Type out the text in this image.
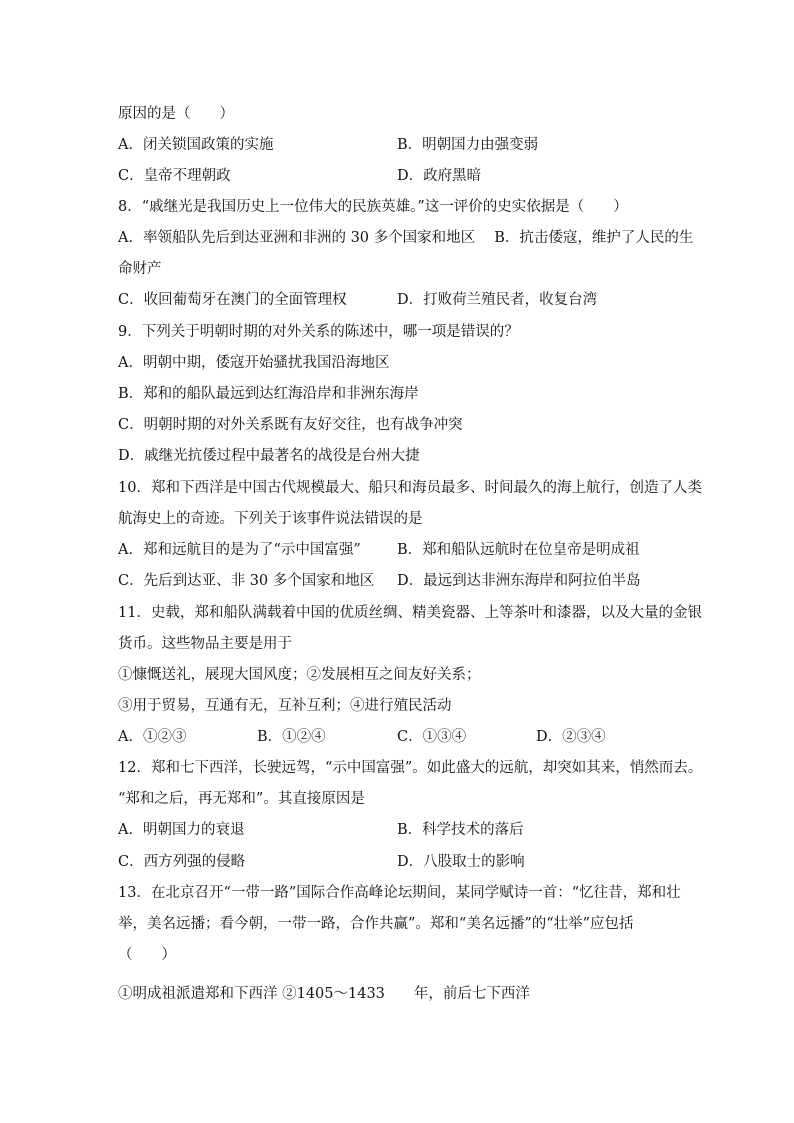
原因的是（　　）
A．闭关锁国政策的实施	B．明朝国力由强变弱
C．皇帝不理朝政	D．政府黑暗
8．“戚继光是我国历史上一位伟大的民族英雄。”这一评价的史实依据是（　　）
A．率领船队先后到达亚洲和非洲的 30 多个国家和地区　 B．抗击倭寇，维护了人民的生
命财产
C．收回葡萄牙在澳门的全面管理权	D．打败荷兰殖民者，收复台湾
9．下列关于明朝时期的对外关系的陈述中，哪一项是错误的？
A．明朝中期，倭寇开始骚扰我国沿海地区
B．郑和的船队最远到达红海沿岸和非洲东海岸
C．明朝时期的对外关系既有友好交往，也有战争冲突
D．戚继光抗倭过程中最著名的战役是台州大捷
10．郑和下西洋是中国古代规模最大、船只和海员最多、时间最久的海上航行，创造了人类
航海史上的奇迹。下列关于该事件说法错误的是
A．郑和远航目的是为了“示中国富强” B．郑和船队远航时在位皇帝是明成祖
C．先后到达亚、非 30 多个国家和地区 D．最远到达非洲东海岸和阿拉伯半岛
11．史载，郑和船队满载着中国的优质丝绸、精美瓷器、上等茶叶和漆器，以及大量的金银
货币。这些物品主要是用于
①慷慨送礼，展现大国风度；②发展相互之间友好关系；
③用于贸易，互通有无，互补互利；④进行殖民活动
A．①②③	B．①②④	C．①③④	D．②③④
12．郑和七下西洋，长驶远驾，“示中国富强”。如此盛大的远航，却突如其来，悄然而去。
“郑和之后，再无郑和”。其直接原因是
A．明朝国力的衰退	B．科学技术的落后
C．西方列强的侵略	D．八股取士的影响
13．在北京召开“一带一路”国际合作高峰论坛期间，某同学赋诗一首：“忆往昔，郑和壮
举，美名远播；看今朝，一带一路，合作共赢”。郑和“美名远播”的“壮举”应包括
（　　）
①明成祖派遣郑和下西洋 ②1405～1433　　年，前后七下西洋
